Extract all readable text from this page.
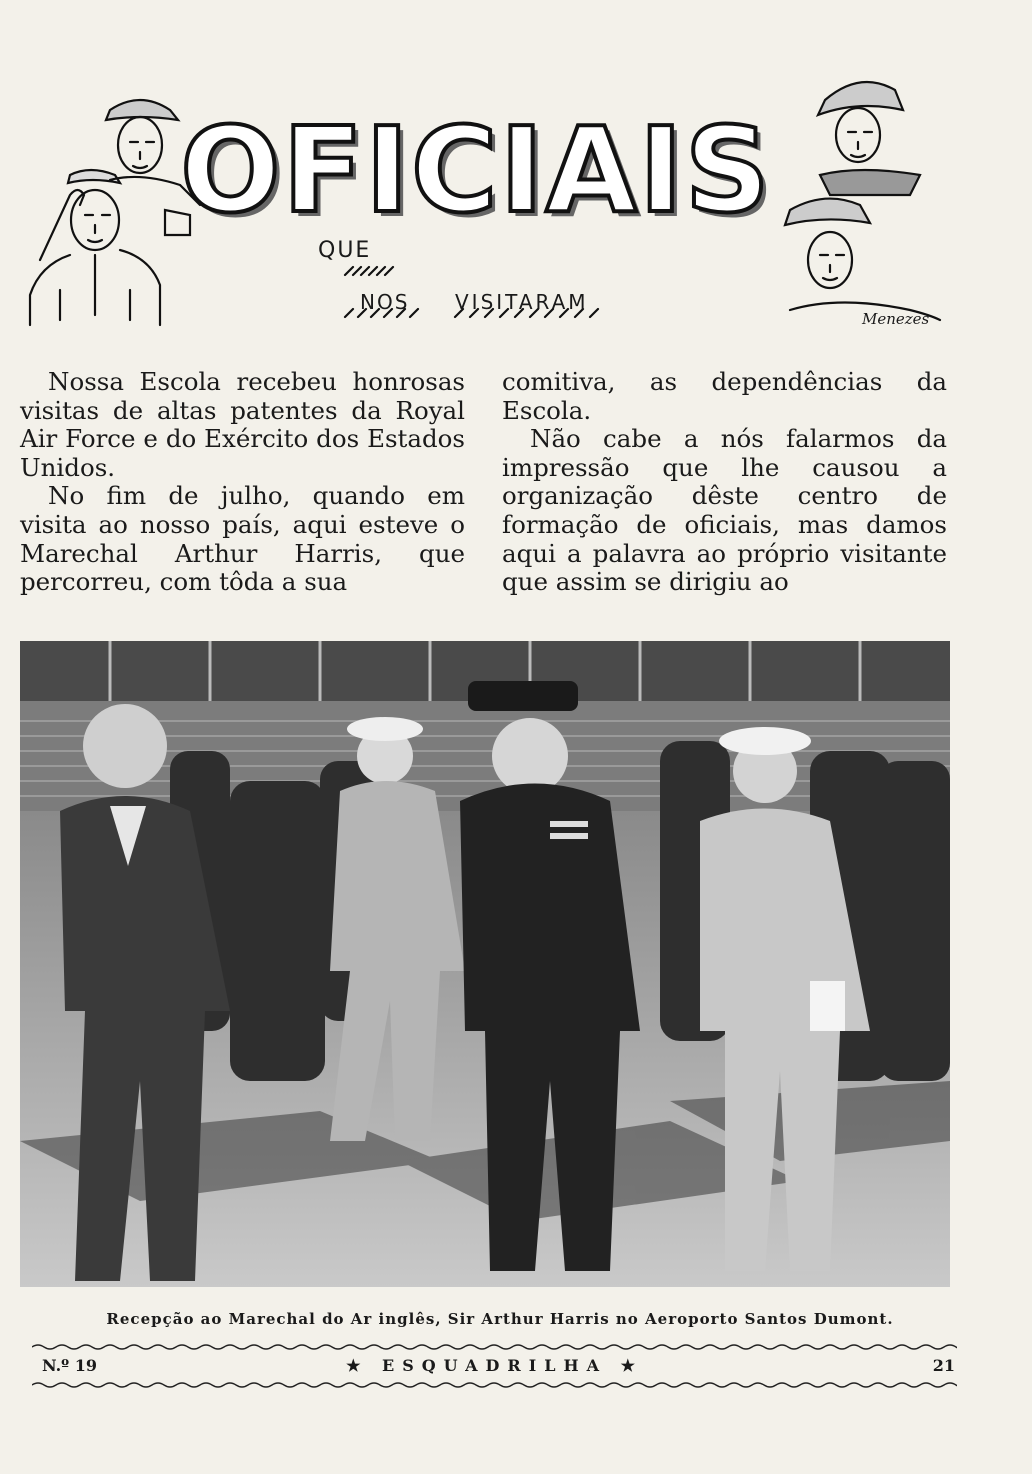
OFICIAIS
QUE
NOS VISITARAM
Menezes

Nossa Escola recebeu honrosas visitas de altas patentes da Royal Air Force e do Exército dos Estados Unidos.

No fim de julho, quando em visita ao nosso país, aqui esteve o Marechal Arthur Harris, que percorreu, com tôda a sua

comitiva, as dependências da Escola.

Não cabe a nós falarmos da impressão que lhe causou a organização dêste centro de formação de oficiais, mas damos aqui a palavra ao próprio visitante que assim se dirigiu ao

Recepção ao Marechal do Ar inglês, Sir Arthur Harris no Aeroporto Santos Dumont.
N.º 19	★ ESQUADRILHA ★	21
